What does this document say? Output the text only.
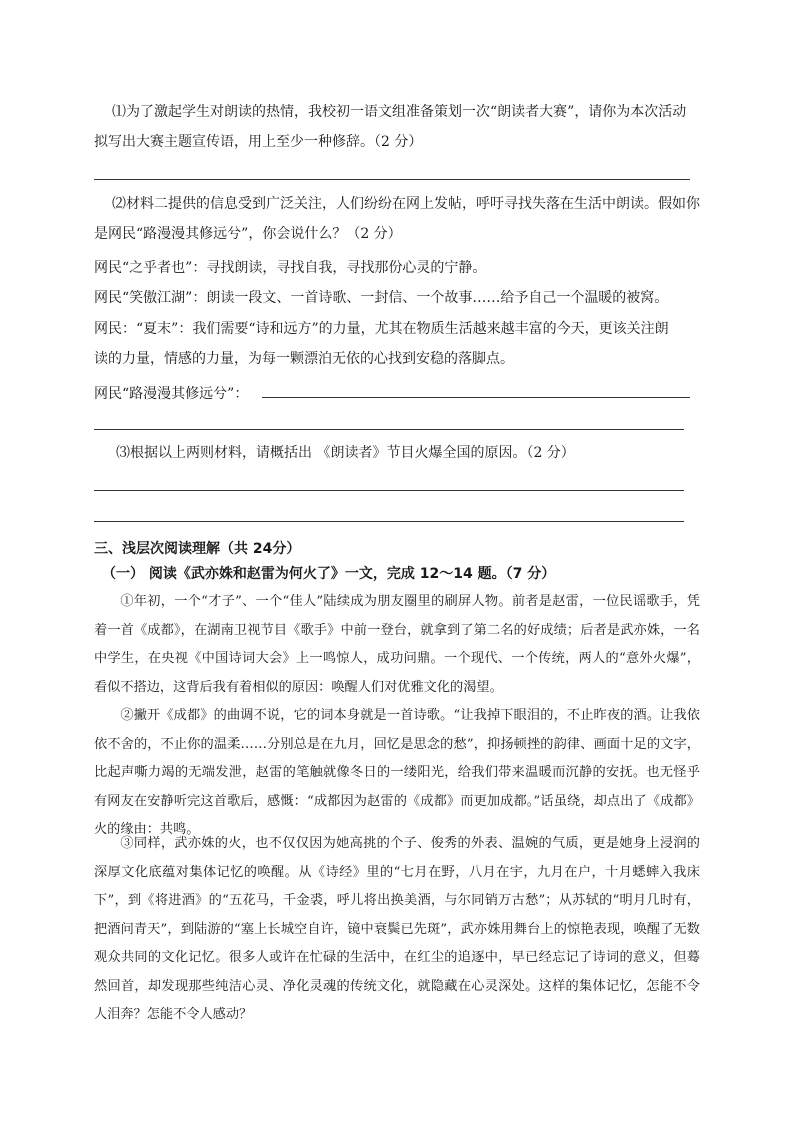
⑴为了激起学生对朗读的热情，我校初一语文组准备策划一次“朗读者大赛”，请你为本次活动
拟写出大赛主题宣传语，用上至少一种修辞。（2 分）
⑵材料二提供的信息受到广泛关注，人们纷纷在网上发帖，呼吁寻找失落在生活中朗读。假如你
是网民“路漫漫其修远兮”，你会说什么？（2 分）
网民“之乎者也”：寻找朗读，寻找自我，寻找那份心灵的宁静。
网民“笑傲江湖”：朗读一段文、一首诗歌、一封信、一个故事……给予自己一个温暖的被窝。
网民：“夏末”：我们需要“诗和远方”的力量，尤其在物质生活越来越丰富的今天，更该关注朗
读的力量，情感的力量，为每一颗漂泊无依的心找到安稳的落脚点。
网民“路漫漫其修远兮”：
⑶根据以上两则材料，请概括出 《朗读者》节目火爆全国的原因。（2 分）
三、浅层次阅读理解（共 24分）
（一） 阅读《武亦姝和赵雷为何火了》一文，完成 12～14 题。（7 分）
①年初，一个“才子”、一个“佳人”陆续成为朋友圈里的刷屏人物。前者是赵雷，一位民谣歌手，凭着一首《成都》，在湖南卫视节目《歌手》中前一登台，就拿到了第二名的好成绩；后者是武亦姝，一名中学生，在央视《中国诗词大会》上一鸣惊人，成功问鼎。一个现代、一个传统，两人的“意外火爆”，看似不搭边，这背后我有着相似的原因：唤醒人们对优雅文化的渴望。
②撇开《成都》的曲调不说，它的词本身就是一首诗歌。“让我掉下眼泪的，不止昨夜的酒。让我依依不舍的，不止你的温柔……分别总是在九月，回忆是思念的愁”，抑扬顿挫的韵律、画面十足的文字，比起声嘶力竭的无端发泄，赵雷的笔触就像冬日的一缕阳光，给我们带来温暖而沉静的安抚。也无怪乎有网友在安静听完这首歌后，感慨：“成都因为赵雷的《成都》而更加成都。”话虽绕，却点出了《成都》火的缘由：共鸣。
③同样，武亦姝的火，也不仅仅因为她高挑的个子、俊秀的外表、温婉的气质，更是她身上浸润的深厚文化底蕴对集体记忆的唤醒。从《诗经》里的“七月在野，八月在宇，九月在户，十月蟋蟀入我床下”，到《将进酒》的“五花马，千金裘，呼儿将出换美酒，与尔同销万古愁”；从苏轼的“明月几时有，把酒问青天”，到陆游的“塞上长城空自许，镜中衰鬓已先斑”，武亦姝用舞台上的惊艳表现，唤醒了无数观众共同的文化记忆。很多人或许在忙碌的生活中，在红尘的追逐中，早已经忘记了诗词的意义，但蓦然回首，却发现那些纯洁心灵、净化灵魂的传统文化，就隐藏在心灵深处。这样的集体记忆，怎能不令人泪奔？怎能不令人感动？
